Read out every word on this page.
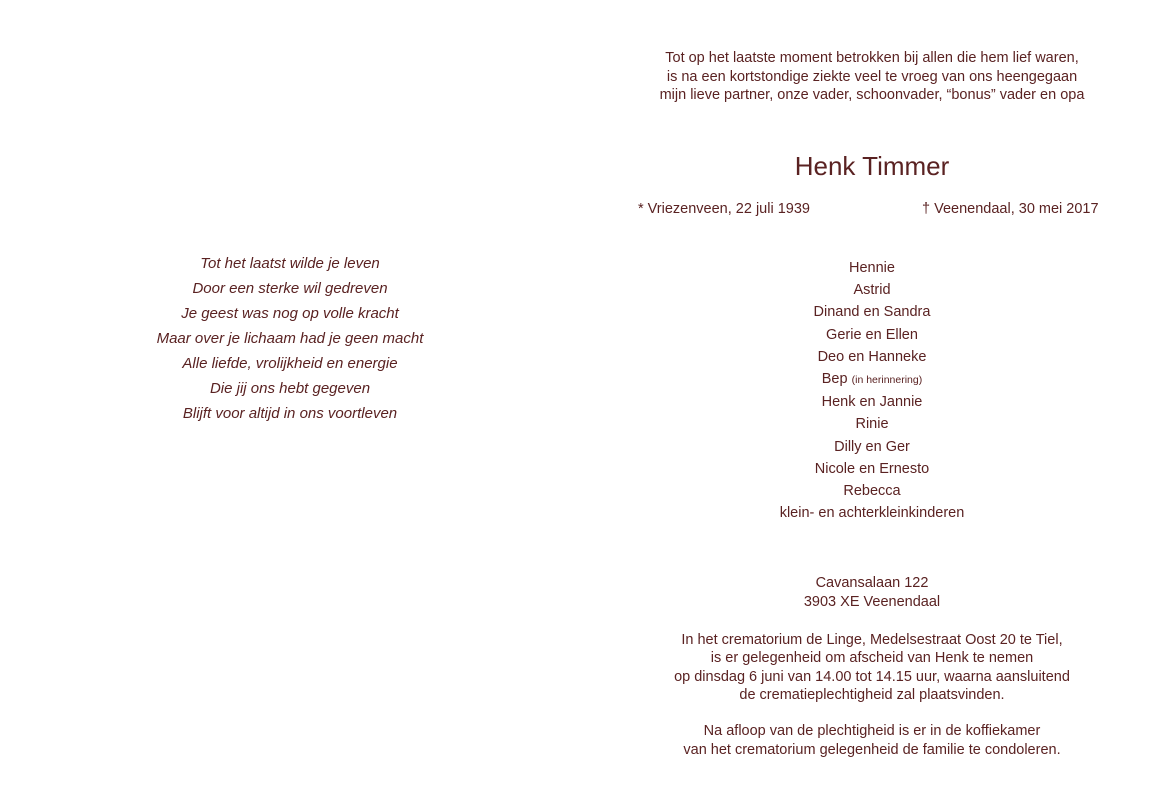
Tot het laatst wilde je leven
Door een sterke wil gedreven
Je geest was nog op volle kracht
Maar over je lichaam had je geen macht
Alle liefde, vrolijkheid en energie
Die jij ons hebt gegeven
Blijft voor altijd in ons voortleven
Tot op het laatste moment betrokken bij allen die hem lief waren,
is na een kortstondige ziekte veel te vroeg van ons heengegaan
mijn lieve partner, onze vader, schoonvader, “bonus” vader en opa
Henk Timmer
* Vriezenveen, 22 juli 1939	† Veenendaal, 30 mei 2017
Hennie
Astrid
Dinand en Sandra
Gerie en Ellen
Deo en Hanneke
Bep (in herinnering)
Henk en Jannie
Rinie
Dilly en Ger
Nicole en Ernesto
Rebecca
klein- en achterkleinkinderen
Cavansalaan 122
3903 XE Veenendaal
In het crematorium de Linge, Medelsestraat Oost 20 te Tiel,
is er gelegenheid om afscheid van Henk te nemen
op dinsdag 6 juni van 14.00 tot 14.15 uur, waarna aansluitend
de crematieplechtigheid zal plaatsvinden.
Na afloop van de plechtigheid is er in de koffiekamer
van het crematorium gelegenheid de familie te condoleren.
